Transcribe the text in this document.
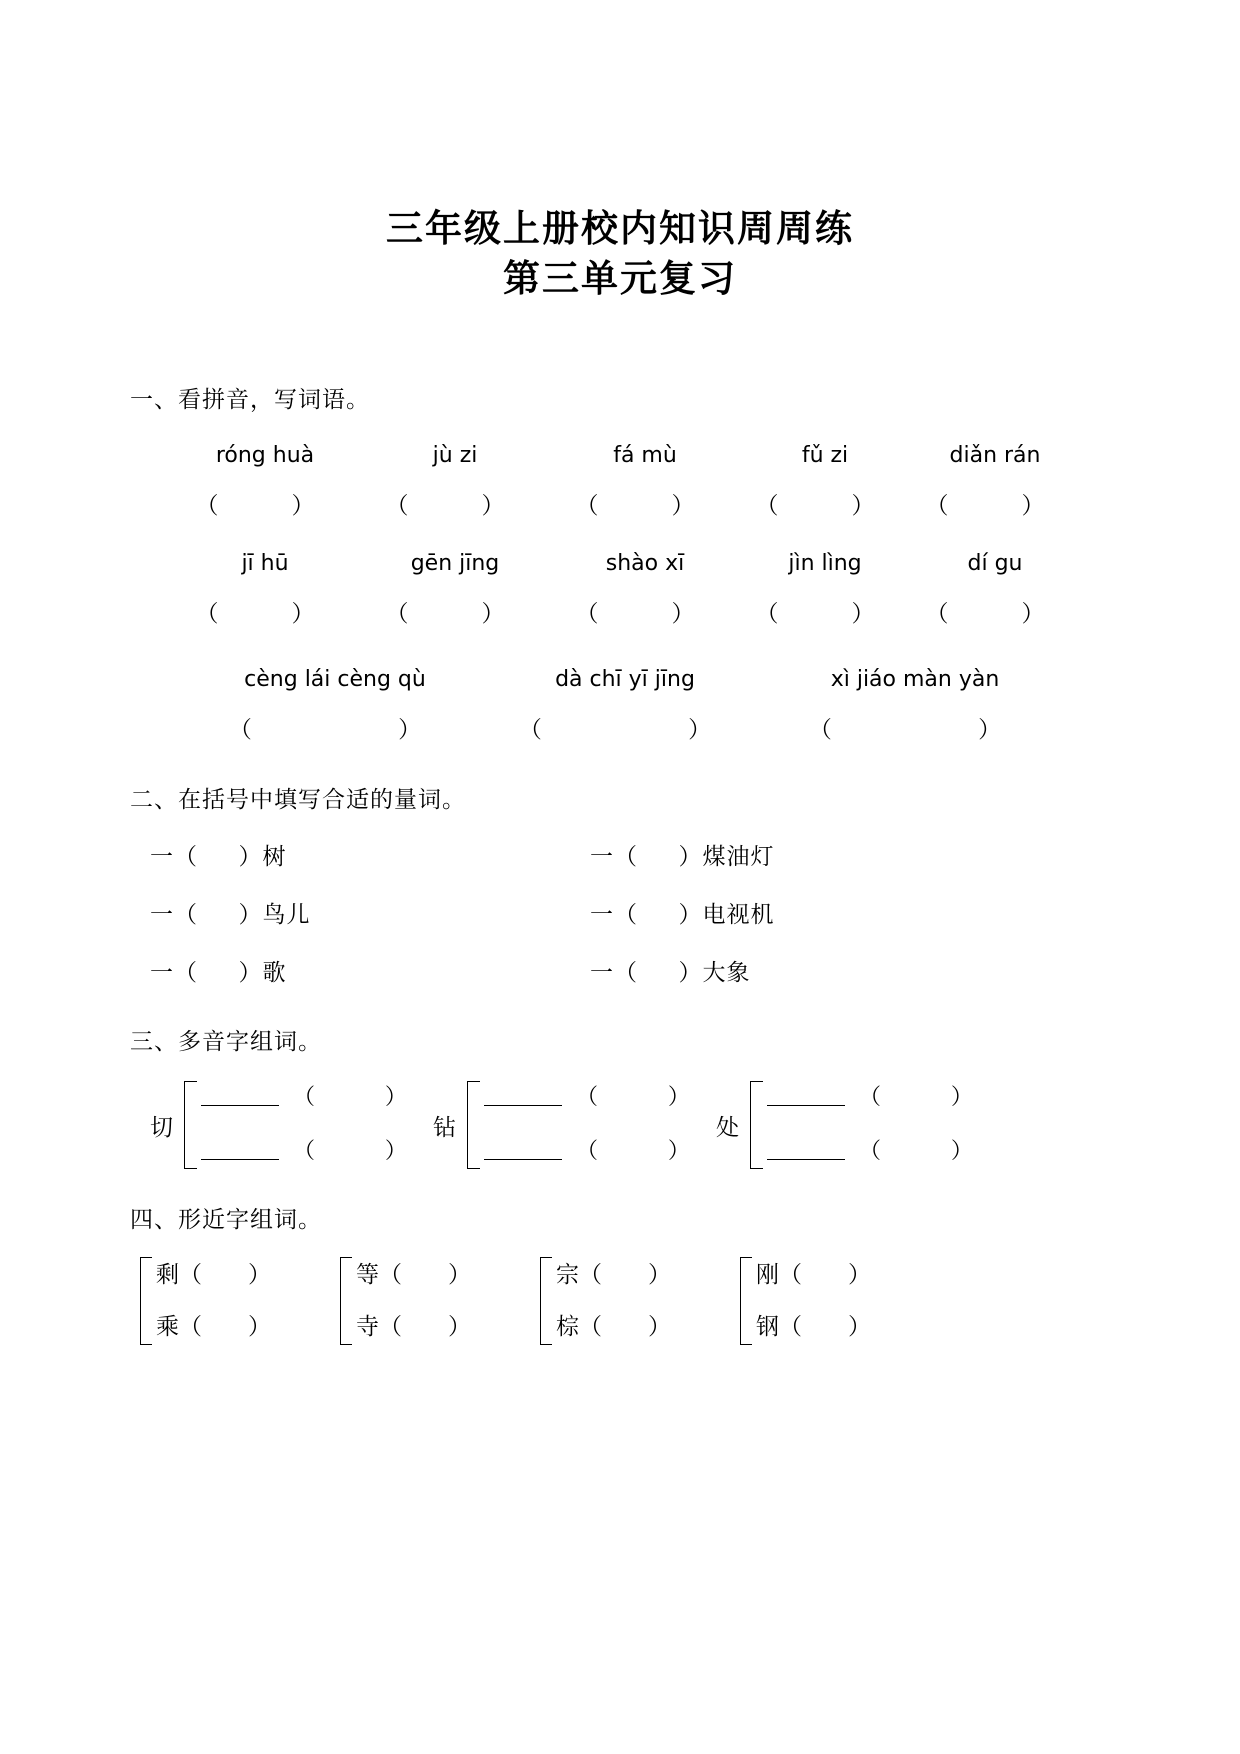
三年级上册校内知识周周练
第三单元复习
一、看拼音，写词语。
róng huà	jù zi	fá mù	fǔ zi	diǎn rán
（          ）	（          ）	（          ）	（          ）	（          ）
jī hū	gēn jīng	shào xī	jìn lìng	dí gu
（          ）	（          ）	（          ）	（          ）	（          ）
cèng lái cèng qù	dà chī yī jīng	xì jiáo màn yàn
（                    ）	（                    ）	（                    ）
二、在括号中填写合适的量词。
一（      ）树	一（      ）煤油灯
一（      ）鸟儿	一（      ）电视机
一（      ）歌	一（      ）大象
三、多音字组词。
切
（          ）
（          ）
钻
（          ）
（          ）
处
（          ）
（          ）
四、形近字组词。
剩（        ）
乘（        ）
等（        ）
寺（        ）
宗（        ）
棕（        ）
刚（        ）
钢（        ）
